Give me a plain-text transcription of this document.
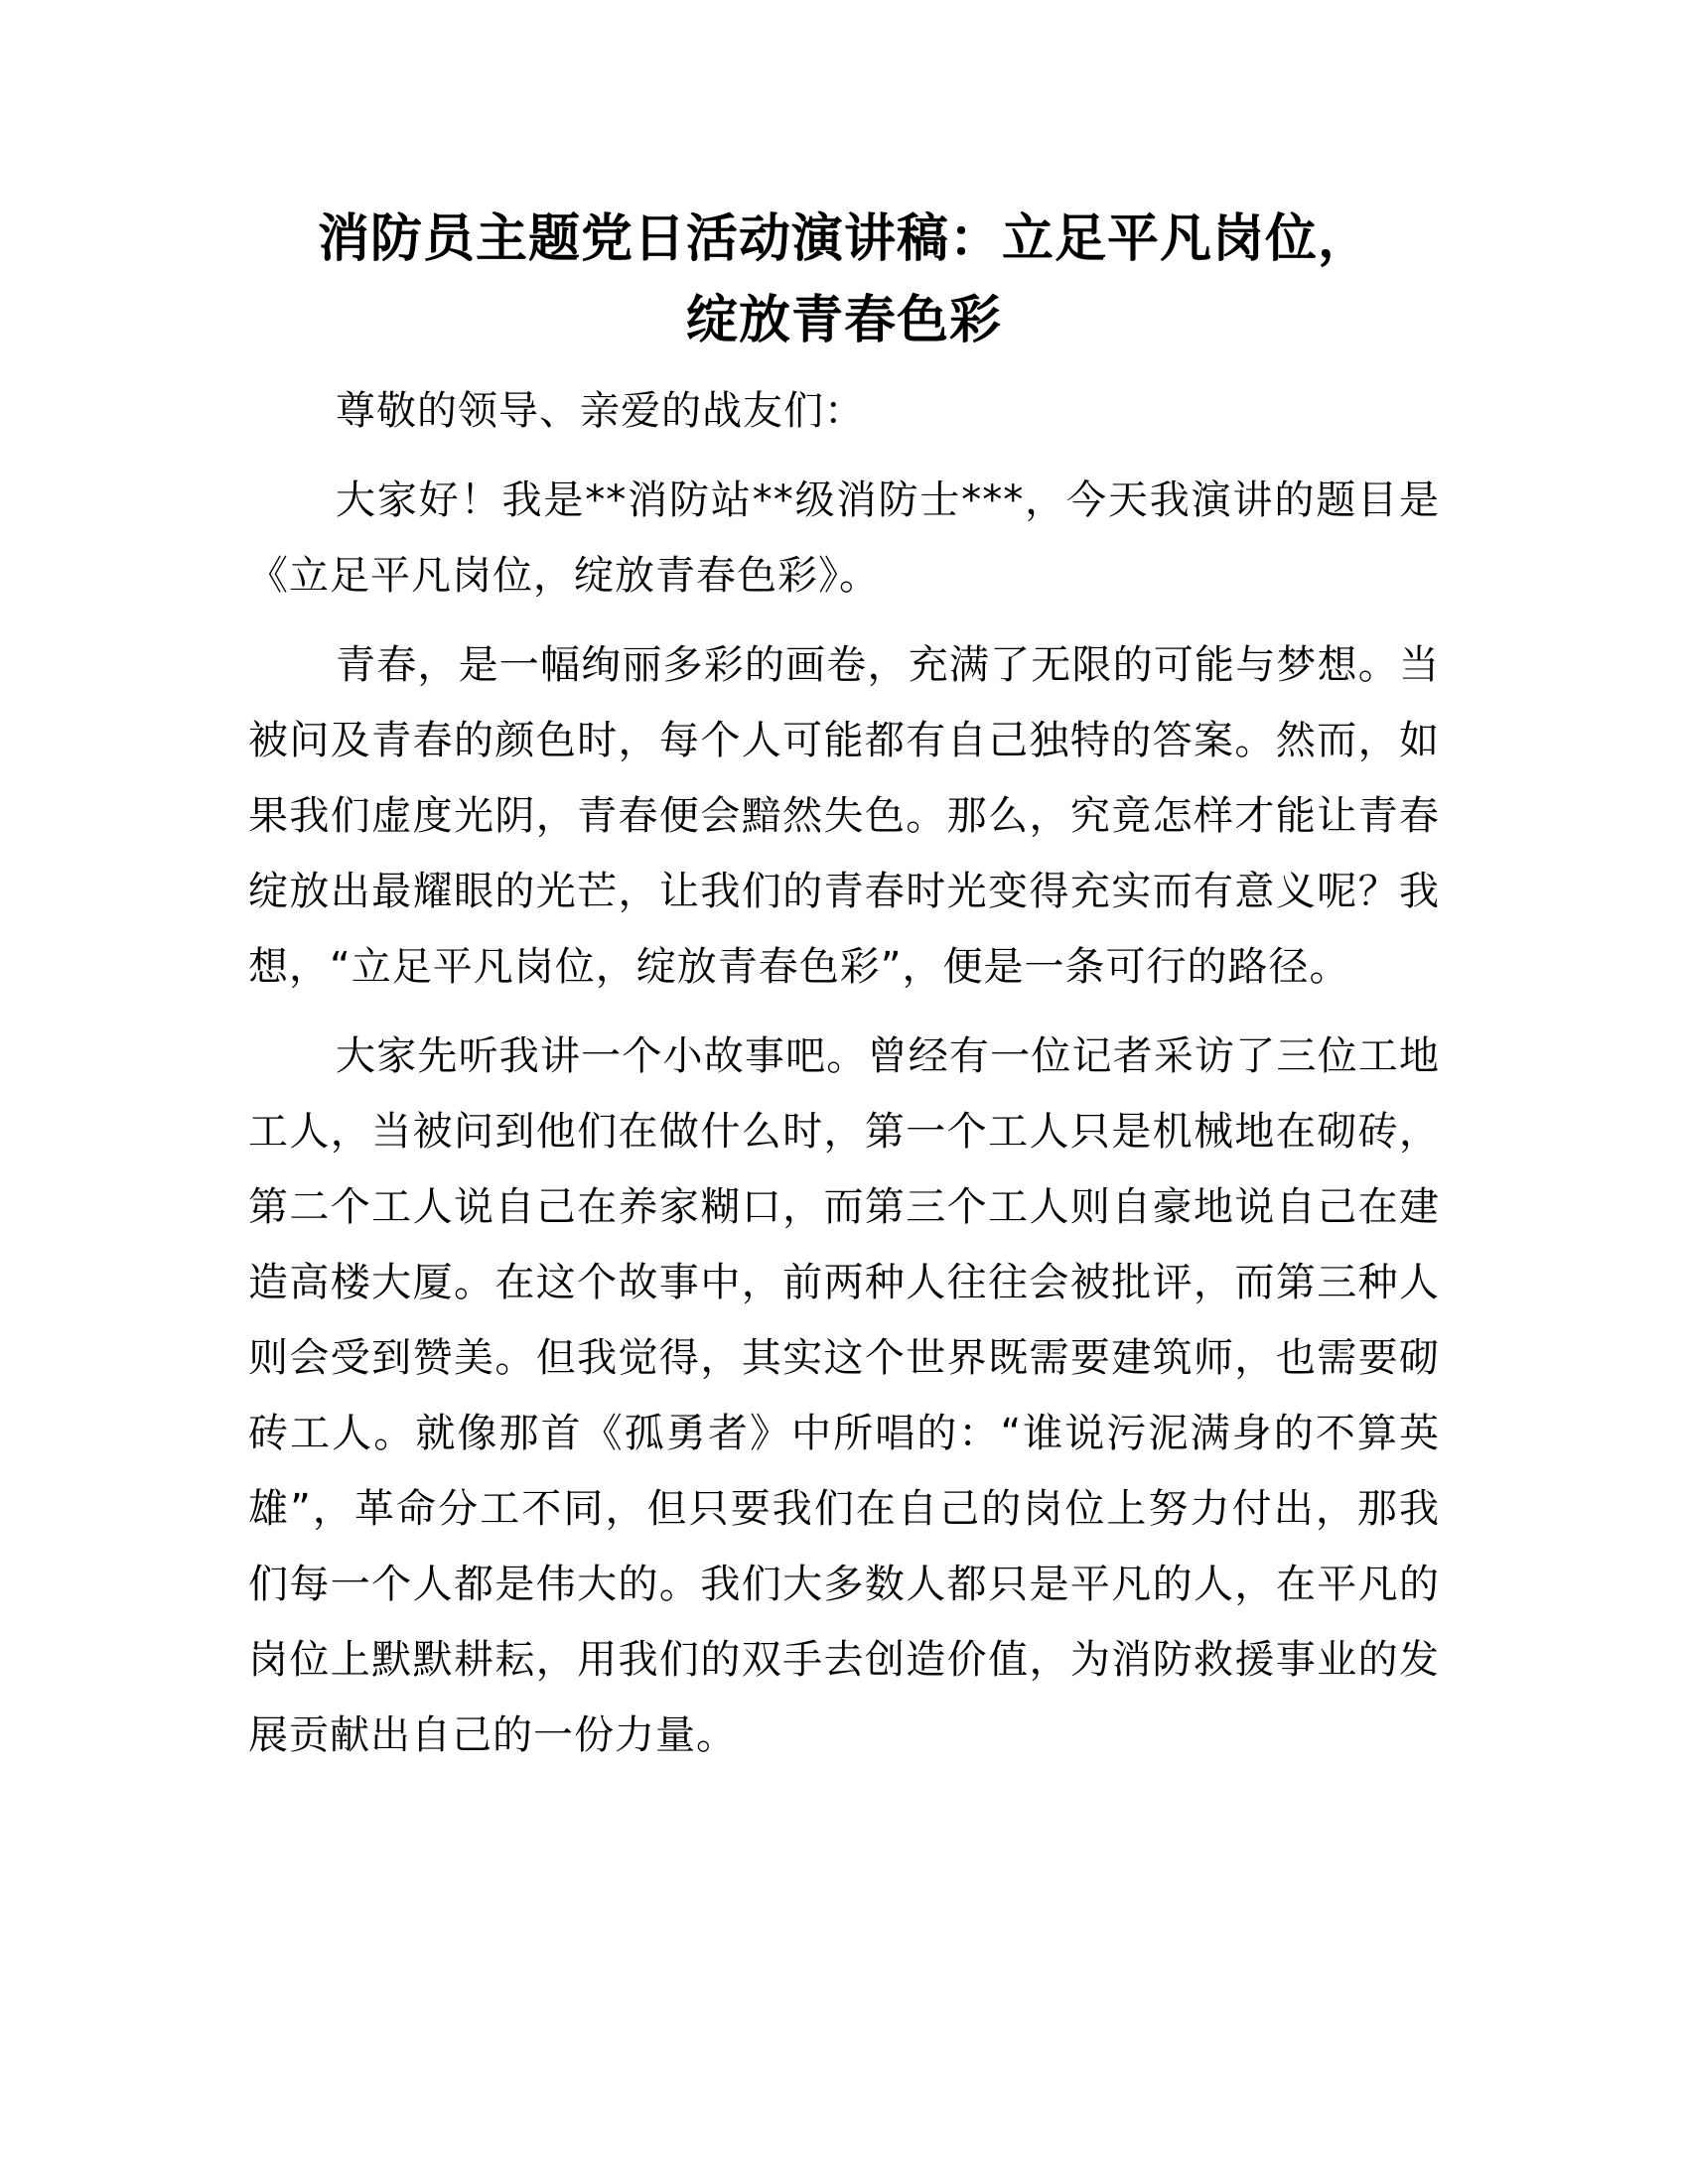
消防员主题党日活动演讲稿：立足平凡岗位，
绽放青春色彩

尊敬的领导、亲爱的战友们：

大家好！我是**消防站**级消防士***，今天我演讲的题目是《立足平凡岗位，绽放青春色彩》。

青春，是一幅绚丽多彩的画卷，充满了无限的可能与梦想。当被问及青春的颜色时，每个人可能都有自己独特的答案。然而，如果我们虚度光阴，青春便会黯然失色。那么，究竟怎样才能让青春绽放出最耀眼的光芒，让我们的青春时光变得充实而有意义呢？我想，“立足平凡岗位，绽放青春色彩”，便是一条可行的路径。

大家先听我讲一个小故事吧。曾经有一位记者采访了三位工地工人，当被问到他们在做什么时，第一个工人只是机械地在砌砖，第二个工人说自己在养家糊口，而第三个工人则自豪地说自己在建造高楼大厦。在这个故事中，前两种人往往会被批评，而第三种人则会受到赞美。但我觉得，其实这个世界既需要建筑师，也需要砌砖工人。就像那首《孤勇者》中所唱的：“谁说污泥满身的不算英雄”，革命分工不同，但只要我们在自己的岗位上努力付出，那我们每一个人都是伟大的。我们大多数人都只是平凡的人，在平凡的岗位上默默耕耘，用我们的双手去创造价值，为消防救援事业的发展贡献出自己的一份力量。
